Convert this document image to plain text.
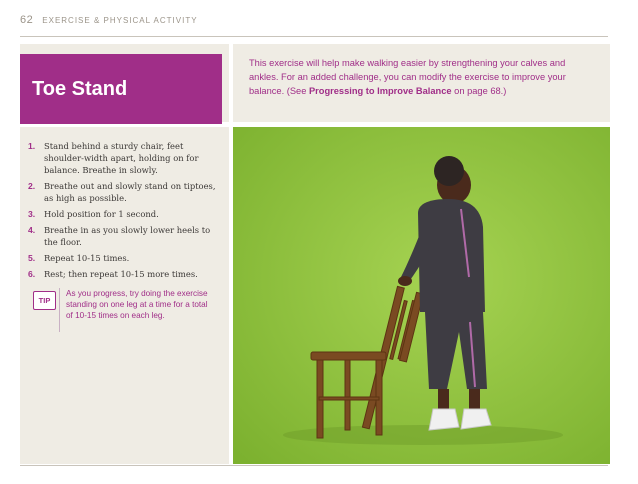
62 EXERCISE & PHYSICAL ACTIVITY
Toe Stand
This exercise will help make walking easier by strengthening your calves and ankles. For an added challenge, you can modify the exercise to improve your balance. (See Progressing to Improve Balance on page 68.)
1. Stand behind a sturdy chair, feet shoulder-width apart, holding on for balance. Breathe in slowly.
2. Breathe out and slowly stand on tiptoes, as high as possible.
3. Hold position for 1 second.
4. Breathe in as you slowly lower heels to the floor.
5. Repeat 10-15 times.
6. Rest; then repeat 10-15 more times.
TIP
As you progress, try doing the exercise standing on one leg at a time for a total of 10-15 times on each leg.
